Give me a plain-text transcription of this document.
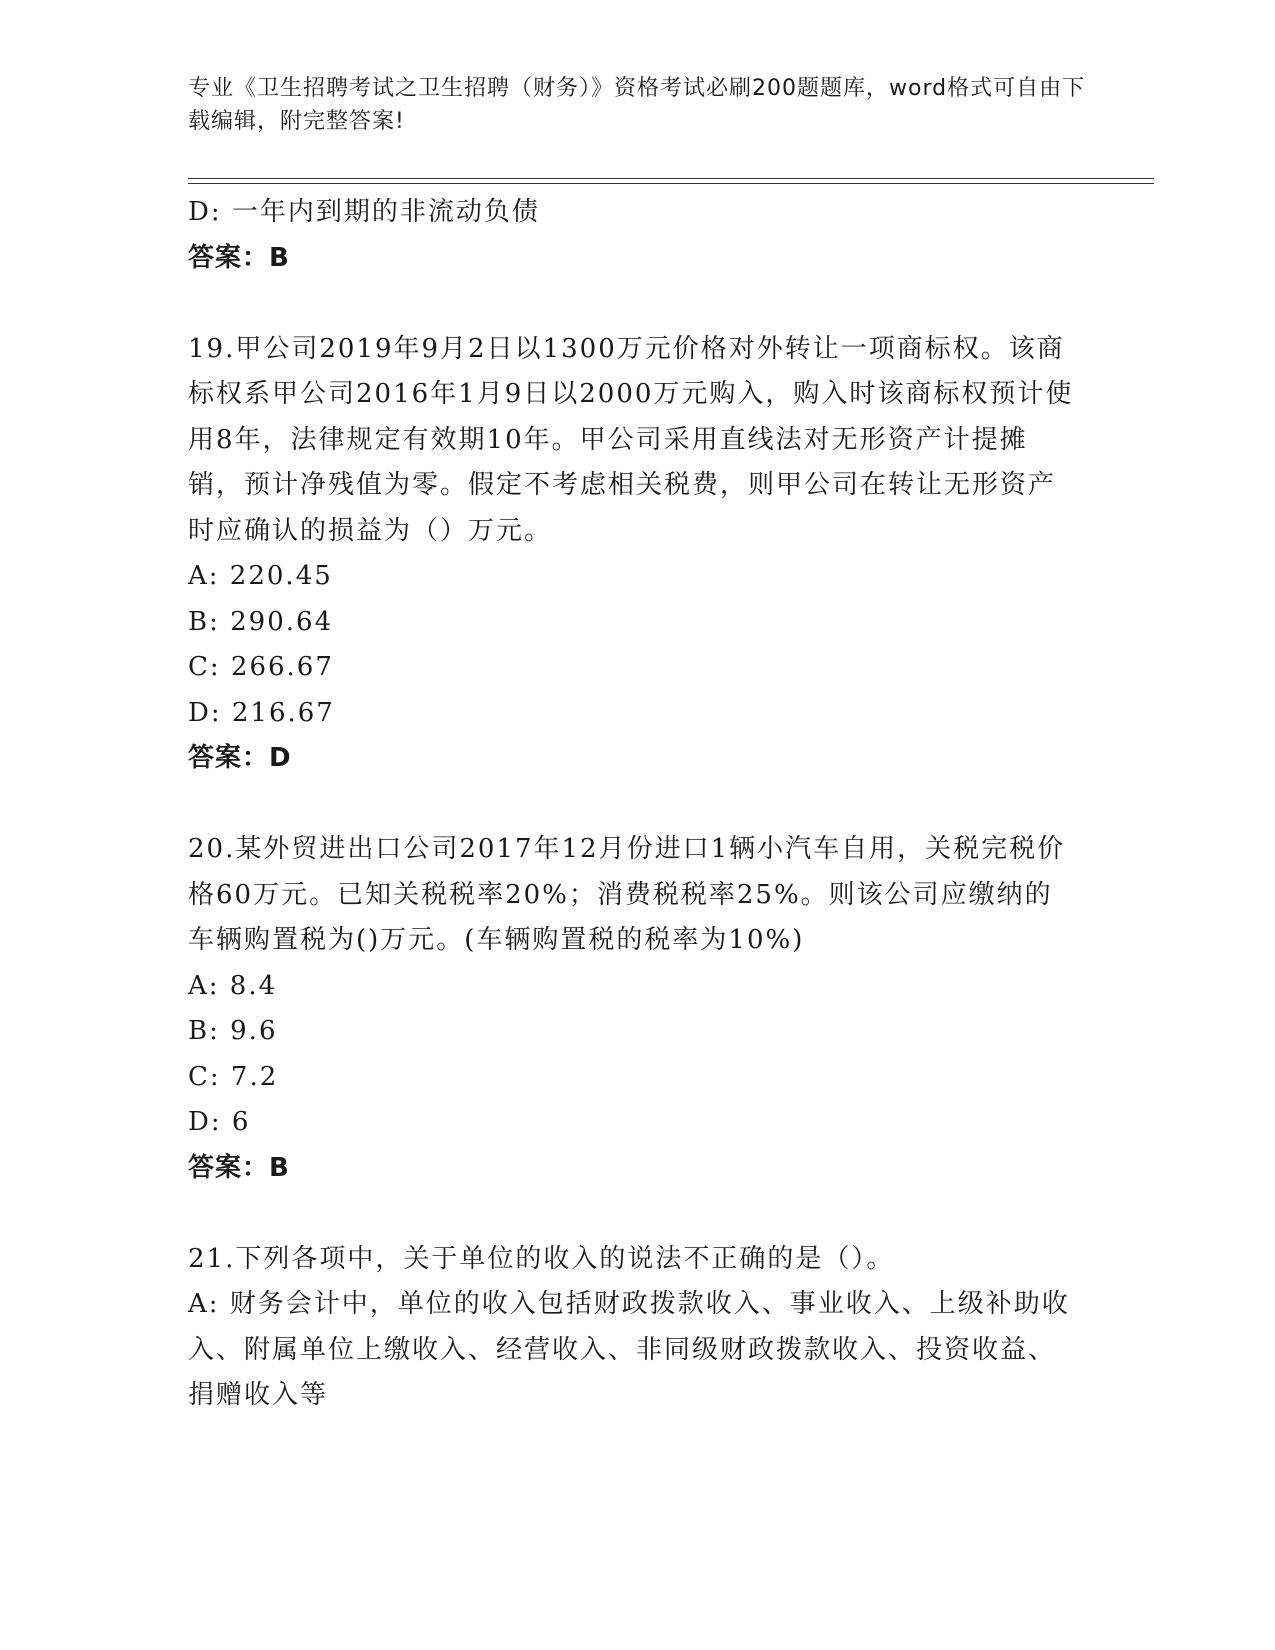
专业《卫生招聘考试之卫生招聘（财务）》资格考试必刷200题题库，word格式可自由下载编辑，附完整答案!
D: 一年内到期的非流动负债
答案：B
19.甲公司2019年9月2日以1300万元价格对外转让一项商标权。该商标权系甲公司2016年1月9日以2000万元购入，购入时该商标权预计使用8年，法律规定有效期10年。甲公司采用直线法对无形资产计提摊销，预计净残值为零。假定不考虑相关税费，则甲公司在转让无形资产时应确认的损益为（）万元。
A: 220.45
B: 290.64
C: 266.67
D: 216.67
答案：D
20.某外贸进出口公司2017年12月份进口1辆小汽车自用，关税完税价格60万元。已知关税税率20%；消费税税率25%。则该公司应缴纳的车辆购置税为()万元。(车辆购置税的税率为10%)
A: 8.4
B: 9.6
C: 7.2
D: 6
答案：B
21.下列各项中，关于单位的收入的说法不正确的是（）。
A: 财务会计中，单位的收入包括财政拨款收入、事业收入、上级补助收入、附属单位上缴收入、经营收入、非同级财政拨款收入、投资收益、捐赠收入等
